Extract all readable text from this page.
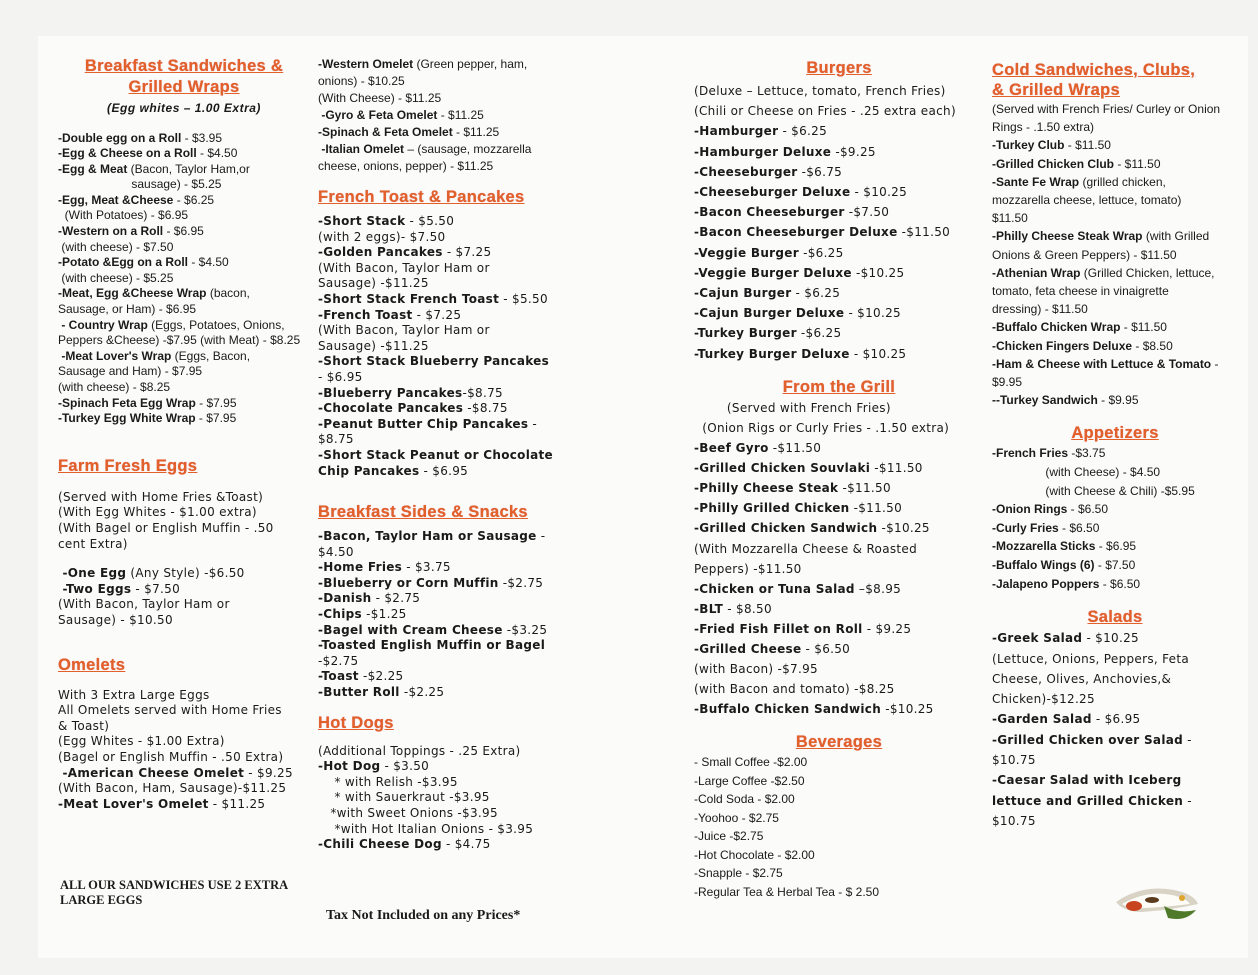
Breakfast Sandwiches & Grilled Wraps
(Egg whites – 1.00 Extra)
-Double egg on a Roll - $3.95
-Egg & Cheese on a Roll - $4.50
-Egg & Meat (Bacon, Taylor Ham,or
sausage) - $5.25
-Egg, Meat &Cheese - $6.25
(With Potatoes) - $6.95
-Western on a Roll - $6.95
(with cheese) - $7.50
-Potato &Egg on a Roll - $4.50
(with cheese) - $5.25
-Meat, Egg &Cheese Wrap (bacon,
Sausage, or Ham) - $6.95
- Country Wrap (Eggs, Potatoes, Onions,
Peppers &Cheese) -$7.95 (with Meat) - $8.25
-Meat Lover's Wrap (Eggs, Bacon,
Sausage and Ham) - $7.95
(with cheese) - $8.25
-Spinach Feta Egg Wrap - $7.95
-Turkey Egg White Wrap - $7.95
Farm Fresh Eggs
(Served with Home Fries &Toast)
(With Egg Whites - $1.00 extra)
(With Bagel or English Muffin - .50
cent Extra)
-One Egg (Any Style) -$6.50
-Two Eggs - $7.50
(With Bacon, Taylor Ham or
Sausage) - $10.50
Omelets
With 3 Extra Large Eggs
All Omelets served with Home Fries
& Toast)
(Egg Whites - $1.00 Extra)
(Bagel or English Muffin - .50 Extra)
-American Cheese Omelet - $9.25
(With Bacon, Ham, Sausage)-$11.25
-Meat Lover's Omelet - $11.25
ALL OUR SANDWICHES USE 2 EXTRA
LARGE EGGS
-Western Omelet (Green pepper, ham,
onions) - $10.25
(With Cheese) - $11.25
-Gyro & Feta Omelet - $11.25
-Spinach & Feta Omelet - $11.25
-Italian Omelet – (sausage, mozzarella
cheese, onions, pepper) - $11.25
French Toast & Pancakes
-Short Stack - $5.50
(with 2 eggs)- $7.50
-Golden Pancakes - $7.25
(With Bacon, Taylor Ham or
Sausage) -$11.25
-Short Stack French Toast - $5.50
-French Toast - $7.25
(With Bacon, Taylor Ham or
Sausage) -$11.25
-Short Stack Blueberry Pancakes
- $6.95
-Blueberry Pancakes-$8.75
-Chocolate Pancakes -$8.75
-Peanut Butter Chip Pancakes -
$8.75
-Short Stack Peanut or Chocolate
Chip Pancakes - $6.95
Breakfast Sides & Snacks
-Bacon, Taylor Ham or Sausage -
$4.50
-Home Fries - $3.75
-Blueberry or Corn Muffin -$2.75
-Danish - $2.75
-Chips -$1.25
-Bagel with Cream Cheese -$3.25
-Toasted English Muffin or Bagel
-$2.75
-Toast -$2.25
-Butter Roll -$2.25
Hot Dogs
(Additional Toppings - .25 Extra)
-Hot Dog - $3.50
* with Relish -$3.95
* with Sauerkraut -$3.95
*with Sweet Onions -$3.95
*with Hot Italian Onions - $3.95
-Chili Cheese Dog - $4.75
Tax Not Included on any Prices*
Burgers
(Deluxe – Lettuce, tomato, French Fries)
(Chili or Cheese on Fries - .25 extra each)
-Hamburger - $6.25
-Hamburger Deluxe -$9.25
-Cheeseburger -$6.75
-Cheeseburger Deluxe - $10.25
-Bacon Cheeseburger -$7.50
-Bacon Cheeseburger Deluxe -$11.50
-Veggie Burger -$6.25
-Veggie Burger Deluxe -$10.25
-Cajun Burger - $6.25
-Cajun Burger Deluxe - $10.25
-Turkey Burger -$6.25
-Turkey Burger Deluxe - $10.25
From the Grill
(Served with French Fries)
(Onion Rigs or Curly Fries - .1.50 extra)
-Beef Gyro -$11.50
-Grilled Chicken Souvlaki -$11.50
-Philly Cheese Steak -$11.50
-Philly Grilled Chicken -$11.50
-Grilled Chicken Sandwich -$10.25
(With Mozzarella Cheese & Roasted
Peppers) -$11.50
-Chicken or Tuna Salad –$8.95
-BLT - $8.50
-Fried Fish Fillet on Roll - $9.25
-Grilled Cheese - $6.50
(with Bacon) -$7.95
(with Bacon and tomato) -$8.25
-Buffalo Chicken Sandwich -$10.25
Beverages
- Small Coffee -$2.00
-Large Coffee -$2.50
-Cold Soda - $2.00
-Yoohoo - $2.75
-Juice -$2.75
-Hot Chocolate - $2.00
-Snapple - $2.75
-Regular Tea & Herbal Tea - $ 2.50
Cold Sandwiches, Clubs,
& Grilled Wraps
(Served with French Fries/ Curley or Onion
Rings - .1.50 extra)
-Turkey Club - $11.50
-Grilled Chicken Club - $11.50
-Sante Fe Wrap (grilled chicken,
mozzarella cheese, lettuce, tomato)
$11.50
-Philly Cheese Steak Wrap (with Grilled
Onions & Green Peppers) - $11.50
-Athenian Wrap (Grilled Chicken, lettuce,
tomato, feta cheese in vinaigrette
dressing) - $11.50
-Buffalo Chicken Wrap - $11.50
-Chicken Fingers Deluxe - $8.50
-Ham & Cheese with Lettuce & Tomato -
$9.95
--Turkey Sandwich - $9.95
Appetizers
-French Fries -$3.75
(with Cheese) - $4.50
(with Cheese & Chili) -$5.95
-Onion Rings - $6.50
-Curly Fries - $6.50
-Mozzarella Sticks - $6.95
-Buffalo Wings (6) - $7.50
-Jalapeno Poppers - $6.50
Salads
-Greek Salad - $10.25
(Lettuce, Onions, Peppers, Feta
Cheese, Olives, Anchovies,&
Chicken)-$12.25
-Garden Salad - $6.95
-Grilled Chicken over Salad -
$10.75
-Caesar Salad with Iceberg
lettuce and Grilled Chicken -
$10.75
